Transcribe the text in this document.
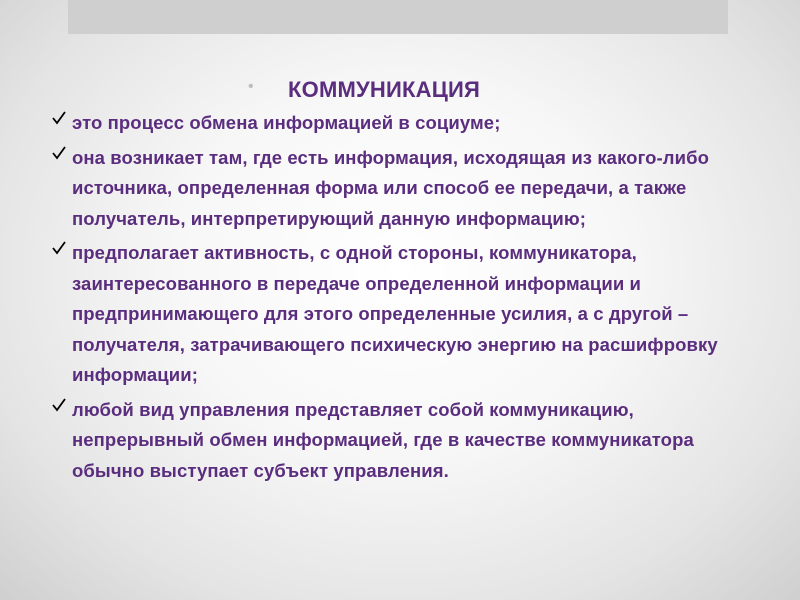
• КОММУНИКАЦИЯ
это процесс обмена информацией в социуме;
она возникает там, где есть информация, исходящая из какого-либо источника, определенная форма или способ ее передачи, а также получатель, интерпретирующий данную информацию;
предполагает активность, с одной стороны, коммуникатора, заинтересованного в передаче определенной информации и предпринимающего для этого определенные усилия, а с другой – получателя, затрачивающего психическую энергию на расшифровку информации;
любой вид управления представляет собой коммуникацию, непрерывный обмен информацией, где в качестве коммуникатора обычно выступает субъект управления.
